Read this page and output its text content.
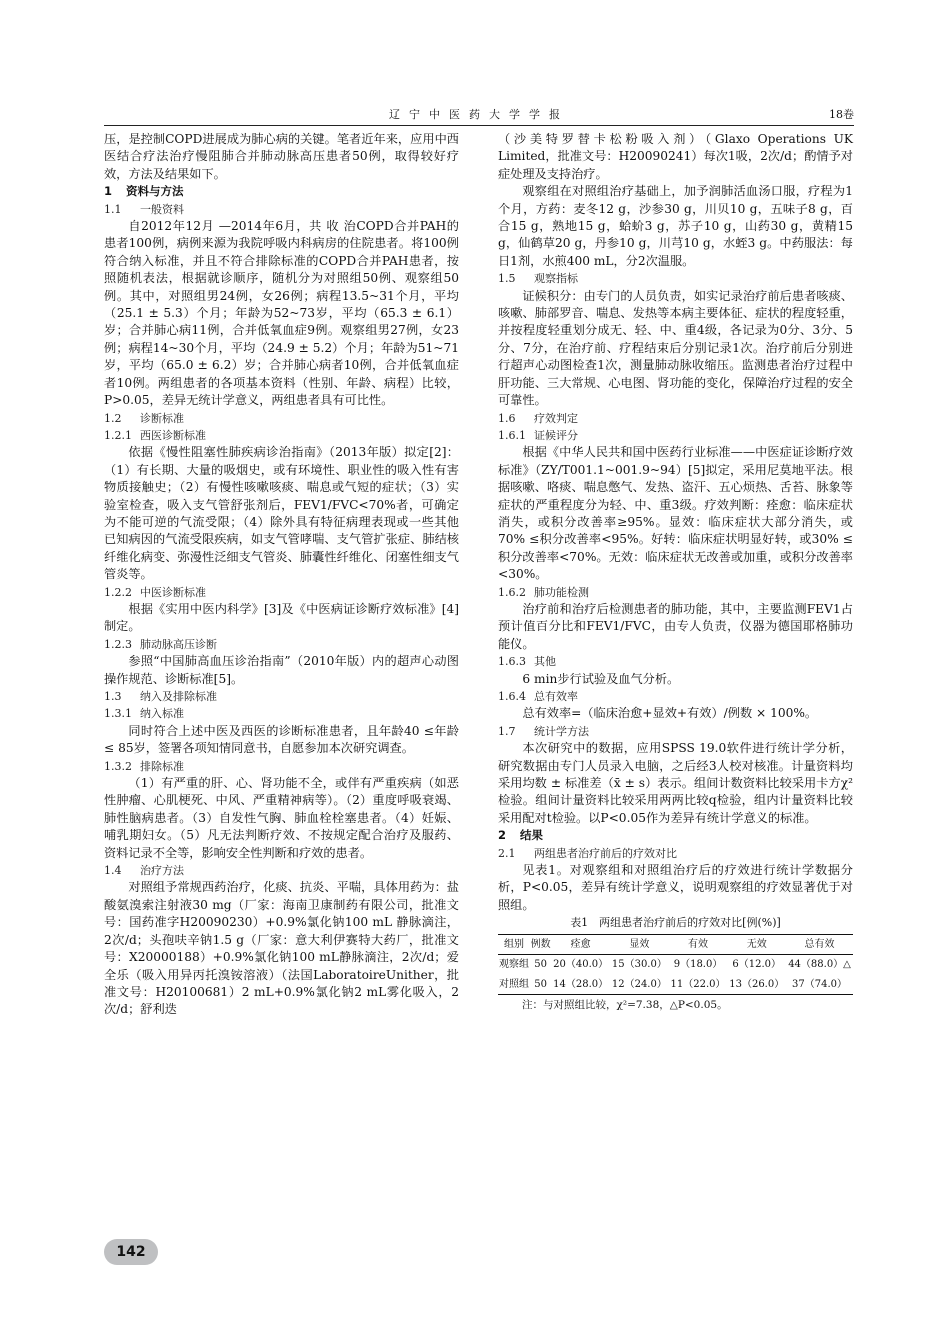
辽宁中医药大学学报	18卷

压，是控制COPD进展成为肺心病的关键。笔者近年来，应用中西医结合疗法治疗慢阻肺合并肺动脉高压患者50例，取得较好疗效，方法及结果如下。

1 资料与方法
1.1 一般资料

自2012年12月 —2014年6月，共 收 治COPD合并PAH的患者100例，病例来源为我院呼吸内科病房的住院患者。将100例符合纳入标准，并且不符合排除标准的COPD合并PAH患者，按照随机表法，根据就诊顺序，随机分为对照组50例、观察组50例。其中，对照组男24例，女26例；病程13.5~31个月，平均（25.1 ± 5.3）个月；年龄为52~73岁，平均（65.3 ± 6.1）岁；合并肺心病11例，合并低氧血症9例。观察组男27例，女23例；病程14~30个月，平均（24.9 ± 5.2）个月；年龄为51~71岁，平均（65.0 ± 6.2）岁；合并肺心病者10例，合并低氧血症者10例。两组患者的各项基本资料（性别、年龄、病程）比较，P>0.05，差异无统计学意义，两组患者具有可比性。

1.2 诊断标准
1.2.1 西医诊断标准

依据《慢性阻塞性肺疾病诊治指南》（2013年版）拟定[2]：（1）有长期、大量的吸烟史，或有环境性、职业性的吸入性有害物质接触史；（2）有慢性咳嗽咳痰、喘息或气短的症状；（3）实验室检查，吸入支气管舒张剂后，FEV1/FVC<70%者，可确定为不能可逆的气流受限；（4）除外具有特征病理表现或一些其他已知病因的气流受限疾病，如支气管哮喘、支气管扩张症、肺结核纤维化病变、弥漫性泛细支气管炎、肺囊性纤维化、闭塞性细支气管炎等。

1.2.2 中医诊断标准

根据《实用中医内科学》[3]及《中医病证诊断疗效标准》[4]制定。

1.2.3 肺动脉高压诊断

参照“中国肺高血压诊治指南”（2010年版）内的超声心动图操作规范、诊断标准[5]。

1.3 纳入及排除标准
1.3.1 纳入标准

同时符合上述中医及西医的诊断标准患者，且年龄40 ≤年龄≤ 85岁，签署各项知情同意书，自愿参加本次研究调查。

1.3.2 排除标准

（1）有严重的肝、心、肾功能不全，或伴有严重疾病（如恶性肿瘤、心肌梗死、中风、严重精神病等）。（2）重度呼吸衰竭、肺性脑病患者。（3）自发性气胸、肺血栓栓塞患者。（4）妊娠、哺乳期妇女。（5）凡无法判断疗效、不按规定配合治疗及服药、资料记录不全等，影响安全性判断和疗效的患者。

1.4 治疗方法

对照组予常规西药治疗，化痰、抗炎、平喘，具体用药为：盐酸氨溴索注射液30 mg（厂家：海南卫康制药有限公司，批准文号：国药准字H20090230）+0.9%氯化钠100 mL 静脉滴注，2次/d；头孢呋辛钠1.5 g（厂家：意大利伊赛特大药厂，批准文号：X20000188）+0.9%氯化钠100 mL静脉滴注，2次/d；爱全乐（吸入用异丙托溴铵溶液）（法国LaboratoireUnither，批准文号：H20100681）2 mL+0.9%氯化钠2 mL雾化吸入，2次/d；舒利迭

（沙美特罗替卡松粉吸入剂）（Glaxo Operations UK Limited，批准文号：H20090241）每次1吸，2次/d；酌情予对症处理及支持治疗。

观察组在对照组治疗基础上，加予润肺活血汤口服，疗程为1个月，方药：麦冬12 g，沙参30 g，川贝10 g，五味子8 g，百合15 g，熟地15 g，蛤蚧3 g，苏子10 g，山药30 g，黄精15 g，仙鹤草20 g，丹参10 g，川芎10 g，水蛭3 g。中药服法：每日1剂，水煎400 mL，分2次温服。

1.5 观察指标

证候积分：由专门的人员负责，如实记录治疗前后患者咳痰、咳嗽、肺部罗音、喘息、发热等本病主要体征、症状的程度轻重，并按程度轻重划分成无、轻、中、重4级，各记录为0分、3分、5分、7分，在治疗前、疗程结束后分别记录1次。治疗前后分别进行超声心动图检查1次，测量肺动脉收缩压。监测患者治疗过程中肝功能、三大常规、心电图、肾功能的变化，保障治疗过程的安全可靠性。

1.6 疗效判定
1.6.1 证候评分

根据《中华人民共和国中医药行业标准——中医症证诊断疗效标准》（ZY/T001.1~001.9~94）[5]拟定，采用尼莫地平法。根据咳嗽、咯痰、喘息憋气、发热、盗汗、五心烦热、舌苔、脉象等症状的严重程度分为轻、中、重3级。疗效判断：痊愈：临床症状消失，或积分改善率≥95%。显效：临床症状大部分消失，或70% ≤积分改善率<95%。好转：临床症状明显好转，或30% ≤积分改善率<70%。无效：临床症状无改善或加重，或积分改善率<30%。

1.6.2 肺功能检测

治疗前和治疗后检测患者的肺功能，其中，主要监测FEV1占预计值百分比和FEV1/FVC，由专人负责，仪器为德国耶格肺功能仪。

1.6.3 其他

6 min步行试验及血气分析。

1.6.4 总有效率

总有效率=（临床治愈+显效+有效）/例数 × 100%。

1.7 统计学方法

本次研究中的数据，应用SPSS 19.0软件进行统计学分析，研究数据由专门人员录入电脑，之后经3人校对核准。计量资料均采用均数 ± 标准差（x̄ ± s）表示。组间计数资料比较采用卡方χ²检验。组间计量资料比较采用两两比较q检验，组内计量资料比较采用配对t检验。以P<0.05作为差异有统计学意义的标准。

2 结果
2.1 两组患者治疗前后的疗效对比

见表1。对观察组和对照组治疗后的疗效进行统计学数据分析，P<0.05，差异有统计学意义，说明观察组的疗效显著优于对照组。

表1　两组患者治疗前后的疗效对比[例(%)]
组别	例数	痊愈	显效	有效	无效	总有效
观察组	50	20（40.0）	15（30.0）	9（18.0）	6（12.0）	44（88.0）△
对照组	50	14（28.0）	12（24.0）	11（22.0）	13（26.0）	37（74.0）
注：与对照组比较，χ²=7.38，△P<0.05。
142
